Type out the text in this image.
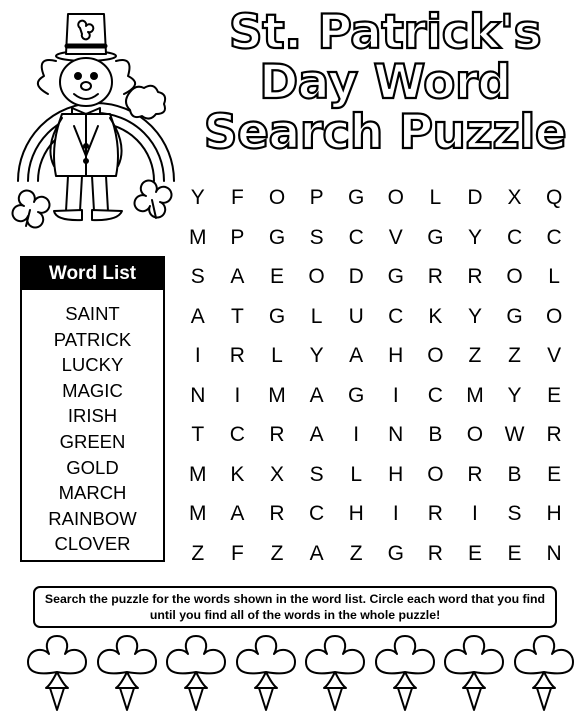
St. Patrick's
Day Word
Search Puzzle
Word List
SAINT
PATRICK
LUCKY
MAGIC
IRISH
GREEN
GOLD
MARCH
RAINBOW
CLOVER
Y	F	O	P	G	O	L	D	X	Q
M	P	G	S	C	V	G	Y	C	C
S	A	E	O	D	G	R	R	O	L
A	T	G	L	U	C	K	Y	G	O
I	R	L	Y	A	H	O	Z	Z	V
N	I	M	A	G	I	C	M	Y	E
T	C	R	A	I	N	B	O	W	R
M	K	X	S	L	H	O	R	B	E
M	A	R	C	H	I	R	I	S	H
Z	F	Z	A	Z	G	R	E	E	N
Search the puzzle for the words shown in the word list. Circle each word that you find until you find all of the words in the whole puzzle!
